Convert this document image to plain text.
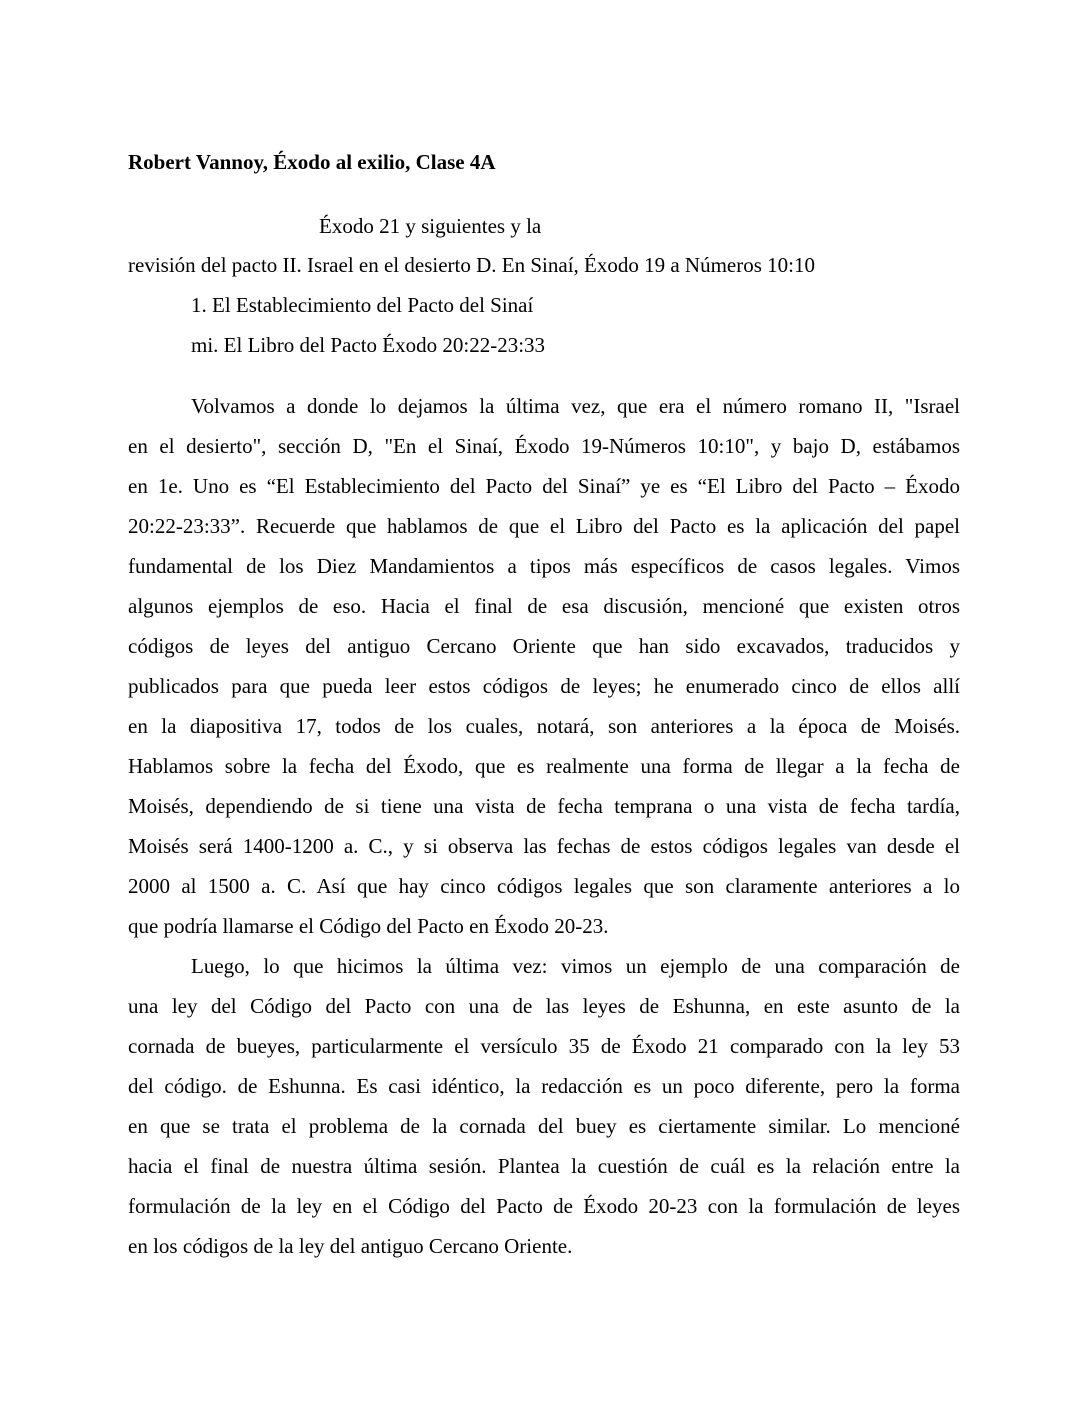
Robert Vannoy, Éxodo al exilio, Clase 4A

Éxodo 21 y siguientes y la

revisión del pacto II. Israel en el desierto D. En Sinaí, Éxodo 19 a Números 10:10

1. El Establecimiento del Pacto del Sinaí

mi. El Libro del Pacto Éxodo 20:22-23:33

Volvamos a donde lo dejamos la última vez, que era el número romano II, "Israel
en el desierto", sección D, "En el Sinaí, Éxodo 19-Números 10:10", y bajo D, estábamos
en 1e. Uno es “El Establecimiento del Pacto del Sinaí” ye es “El Libro del Pacto – Éxodo
20:22-23:33”. Recuerde que hablamos de que el Libro del Pacto es la aplicación del papel
fundamental de los Diez Mandamientos a tipos más específicos de casos legales. Vimos
algunos ejemplos de eso. Hacia el final de esa discusión, mencioné que existen otros
códigos de leyes del antiguo Cercano Oriente que han sido excavados, traducidos y
publicados para que pueda leer estos códigos de leyes; he enumerado cinco de ellos allí
en la diapositiva 17, todos de los cuales, notará, son anteriores a la época de Moisés.
Hablamos sobre la fecha del Éxodo, que es realmente una forma de llegar a la fecha de
Moisés, dependiendo de si tiene una vista de fecha temprana o una vista de fecha tardía,
Moisés será 1400-1200 a. C., y si observa las fechas de estos códigos legales van desde el
2000 al 1500 a. C. Así que hay cinco códigos legales que son claramente anteriores a lo
que podría llamarse el Código del Pacto en Éxodo 20-23.
Luego, lo que hicimos la última vez: vimos un ejemplo de una comparación de
una ley del Código del Pacto con una de las leyes de Eshunna, en este asunto de la
cornada de bueyes, particularmente el versículo 35 de Éxodo 21 comparado con la ley 53
del código. de Eshunna. Es casi idéntico, la redacción es un poco diferente, pero la forma
en que se trata el problema de la cornada del buey es ciertamente similar. Lo mencioné
hacia el final de nuestra última sesión. Plantea la cuestión de cuál es la relación entre la
formulación de la ley en el Código del Pacto de Éxodo 20-23 con la formulación de leyes
en los códigos de la ley del antiguo Cercano Oriente.
